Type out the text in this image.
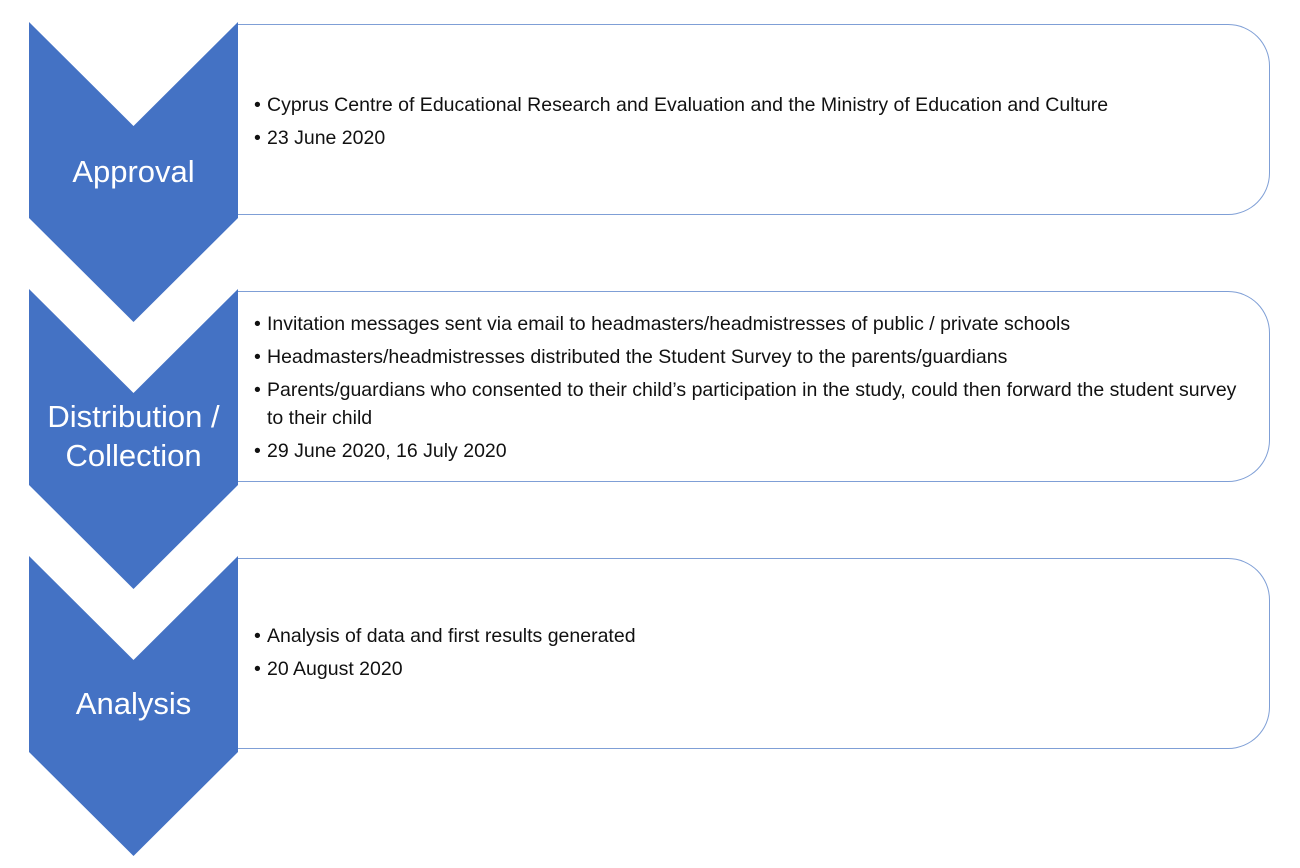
• Cyprus Centre of Educational Research and Evaluation and the Ministry of Education and Culture
• 23 June 2020
Approval
• Invitation messages sent via email to headmasters/headmistresses of public / private schools
• Headmasters/headmistresses distributed the Student Survey to the parents/guardians
• Parents/guardians who consented to their child’s participation in the study, could then forward the student survey to their child
• 29 June 2020, 16 July 2020
Distribution /
Collection
• Analysis of data and first results generated
• 20 August 2020
Analysis
